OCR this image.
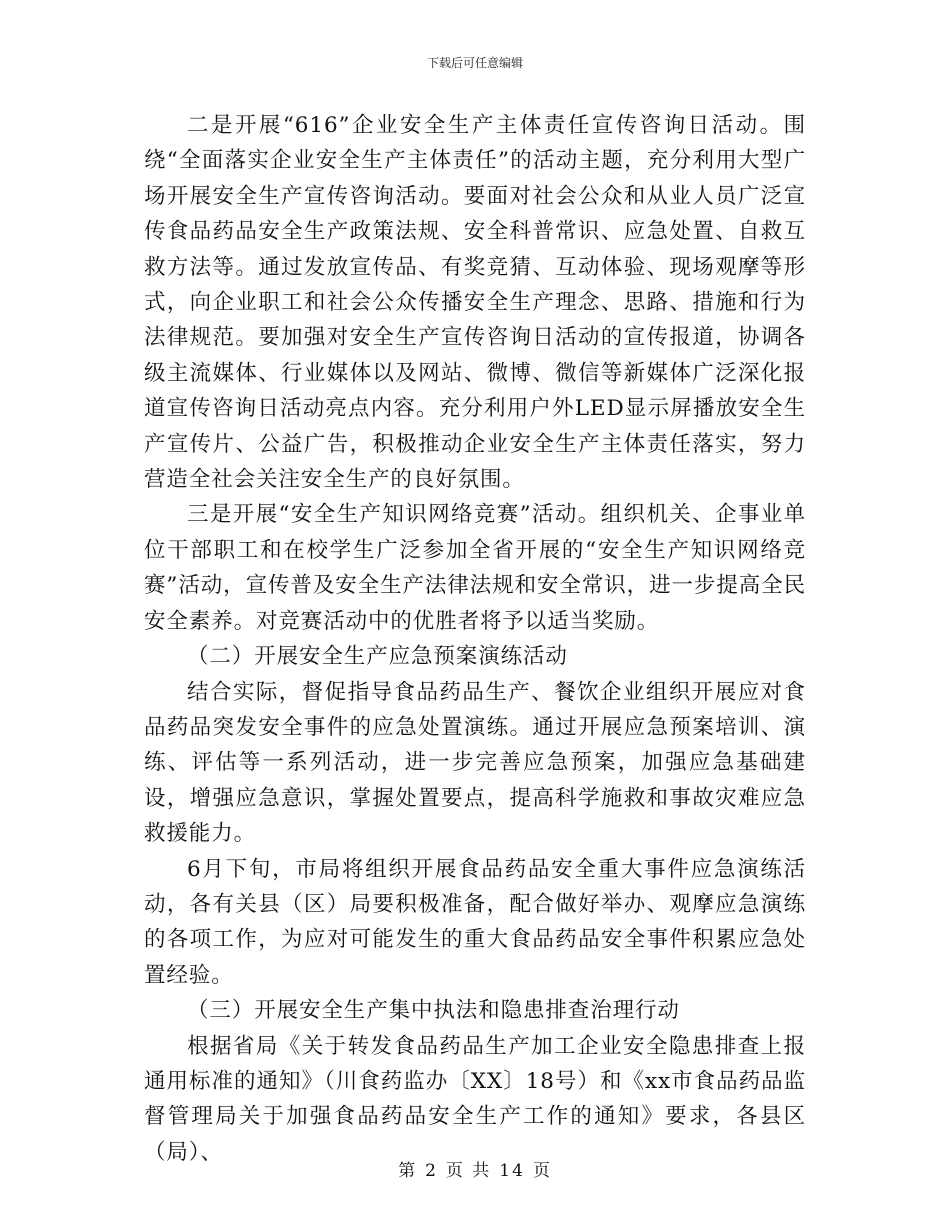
下载后可任意编辑

二是开展“616”企业安全生产主体责任宣传咨询日活动。围绕“全面落实企业安全生产主体责任”的活动主题，充分利用大型广场开展安全生产宣传咨询活动。要面对社会公众和从业人员广泛宣传食品药品安全生产政策法规、安全科普常识、应急处置、自救互救方法等。通过发放宣传品、有奖竞猜、互动体验、现场观摩等形式，向企业职工和社会公众传播安全生产理念、思路、措施和行为法律规范。要加强对安全生产宣传咨询日活动的宣传报道，协调各级主流媒体、行业媒体以及网站、微博、微信等新媒体广泛深化报道宣传咨询日活动亮点内容。充分利用户外LED显示屏播放安全生产宣传片、公益广告，积极推动企业安全生产主体责任落实，努力营造全社会关注安全生产的良好氛围。

三是开展“安全生产知识网络竞赛”活动。组织机关、企事业单位干部职工和在校学生广泛参加全省开展的“安全生产知识网络竞赛”活动，宣传普及安全生产法律法规和安全常识，进一步提高全民安全素养。对竞赛活动中的优胜者将予以适当奖励。

（二）开展安全生产应急预案演练活动

结合实际，督促指导食品药品生产、餐饮企业组织开展应对食品药品突发安全事件的应急处置演练。通过开展应急预案培训、演练、评估等一系列活动，进一步完善应急预案，加强应急基础建设，增强应急意识，掌握处置要点，提高科学施救和事故灾难应急救援能力。

6月下旬，市局将组织开展食品药品安全重大事件应急演练活动，各有关县（区）局要积极准备，配合做好举办、观摩应急演练的各项工作，为应对可能发生的重大食品药品安全事件积累应急处置经验。

（三）开展安全生产集中执法和隐患排查治理行动

根据省局《关于转发食品药品生产加工企业安全隐患排查上报通用标准的通知》（川食药监办〔XX〕18号）和《xx市食品药品监督管理局关于加强食品药品安全生产工作的通知》要求，各县区（局）、

第 2 页 共 14 页
